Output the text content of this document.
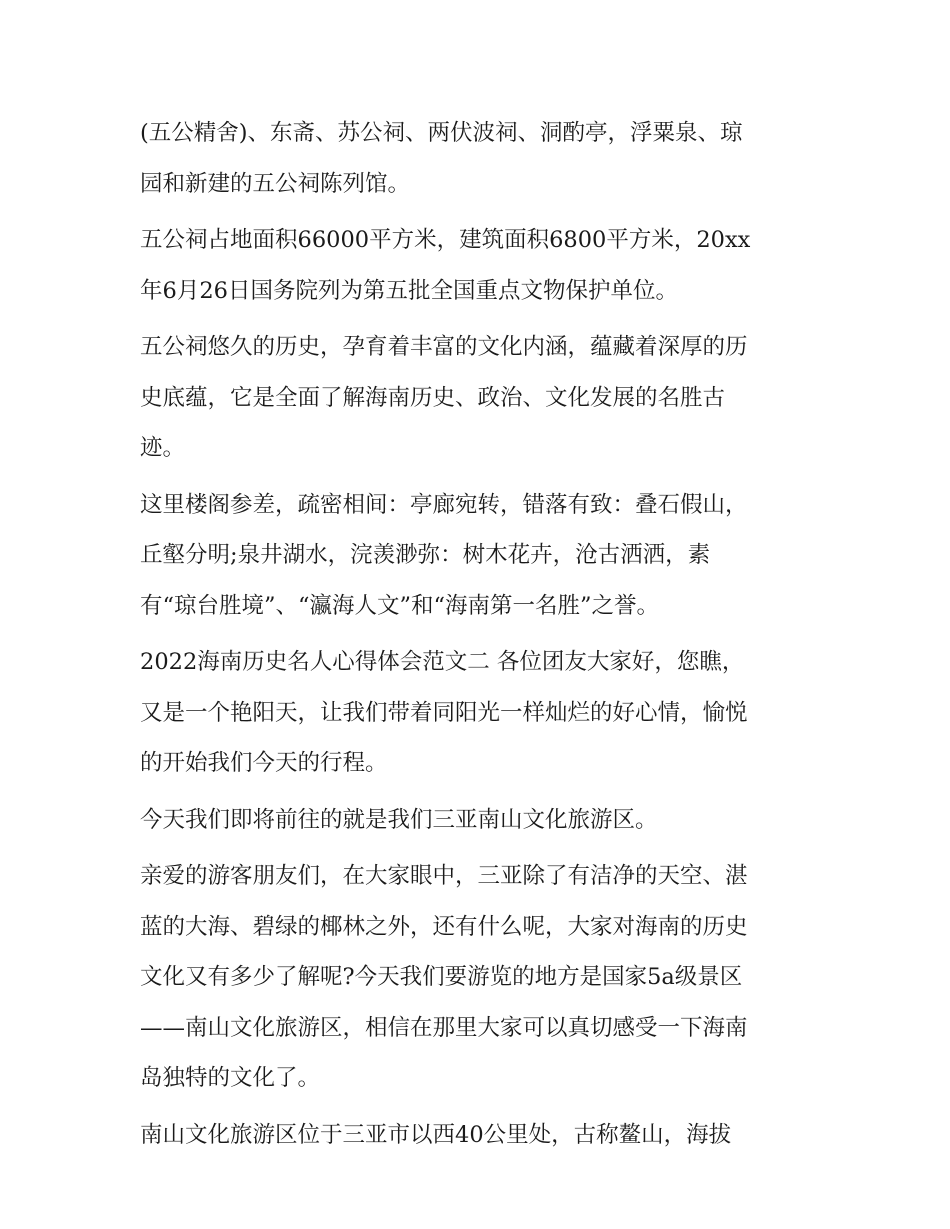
(五公精舍)、东斋、苏公祠、两伏波祠、洞酌亭，浮粟泉、琼
园和新建的五公祠陈列馆。

五公祠占地面积66000平方米，建筑面积6800平方米，20xx
年6月26日国务院列为第五批全国重点文物保护单位。

五公祠悠久的历史，孕育着丰富的文化内涵，蕴藏着深厚的历
史底蕴，它是全面了解海南历史、政治、文化发展的名胜古
迹。

这里楼阁参差，疏密相间：亭廊宛转，错落有致：叠石假山，
丘壑分明;泉井湖水，浣羡渺弥：树木花卉，沧古洒洒，素
有“琼台胜境”、“瀛海人文”和“海南第一名胜”之誉。

2022海南历史名人心得体会范文二 各位团友大家好，您瞧，
又是一个艳阳天，让我们带着同阳光一样灿烂的好心情，愉悦
的开始我们今天的行程。

今天我们即将前往的就是我们三亚南山文化旅游区。

亲爱的游客朋友们，在大家眼中，三亚除了有洁净的天空、湛
蓝的大海、碧绿的椰林之外，还有什么呢，大家对海南的历史
文化又有多少了解呢?今天我们要游览的地方是国家5a级景区
——南山文化旅游区，相信在那里大家可以真切感受一下海南
岛独特的文化了。

南山文化旅游区位于三亚市以西40公里处，古称鳌山，海拔
